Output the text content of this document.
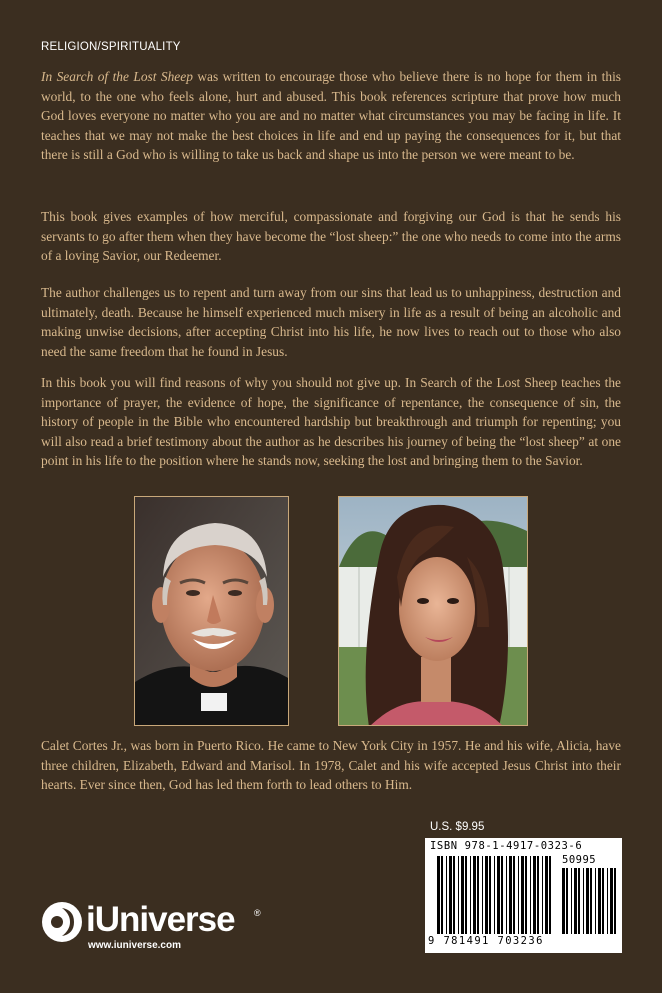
RELIGION/SPIRITUALITY

In Search of the Lost Sheep was written to encourage those who believe there is no hope for them in this world, to the one who feels alone, hurt and abused. This book references scripture that prove how much God loves everyone no matter who you are and no matter what circumstances you may be facing in life. It teaches that we may not make the best choices in life and end up paying the consequences for it, but that there is still a God who is willing to take us back and shape us into the person we were meant to be.

This book gives examples of how merciful, compassionate and forgiving our God is that he sends his servants to go after them when they have become the “lost sheep:” the one who needs to come into the arms of a loving Savior, our Redeemer.

The author challenges us to repent and turn away from our sins that lead us to unhappiness, destruction and ultimately, death. Because he himself experienced much misery in life as a result of being an alcoholic and making unwise decisions, after accepting Christ into his life, he now lives to reach out to those who also need the same freedom that he found in Jesus.

In this book you will find reasons of why you should not give up. In Search of the Lost Sheep teaches the importance of prayer, the evidence of hope, the significance of repentance, the consequence of sin, the history of people in the Bible who encountered hardship but breakthrough and triumph for repenting; you will also read a brief testimony about the author as he describes his journey of being the “lost sheep” at one point in his life to the position where he stands now, seeking the lost and bringing them to the Savior.

Calet Cortes Jr., was born in Puerto Rico. He came to New York City in 1957. He and his wife, Alicia, have three children, Elizabeth, Edward and Marisol. In 1978, Calet and his wife accepted Jesus Christ into their hearts. Ever since then, God has led them forth to lead others to Him.

U.S. $9.95
ISBN 978-1-4917-0323-6
50995
9 781491 703236
iUniverse ®
www.iuniverse.com
